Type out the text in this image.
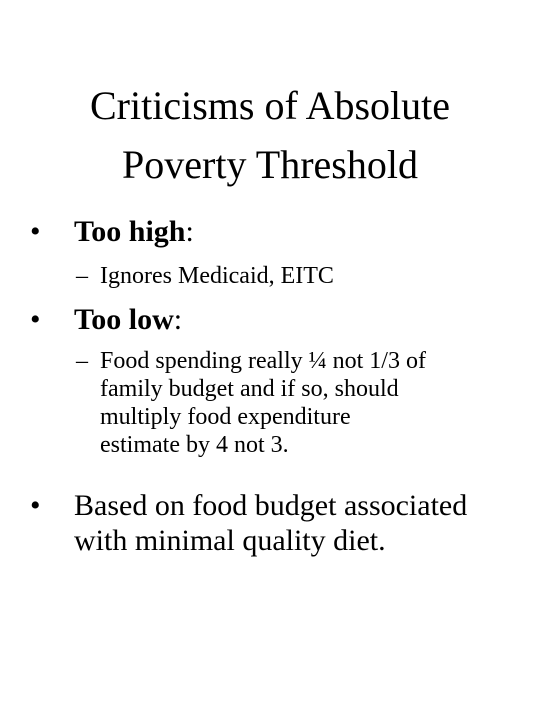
Criticisms of Absolute
Poverty Threshold
• Too high:
– Ignores Medicaid, EITC
• Too low:
– Food spending really ¼ not 1/3 of
family budget and if so, should
multiply food expenditure
estimate by 4 not 3.
• Based on food budget associated
with minimal quality diet.
